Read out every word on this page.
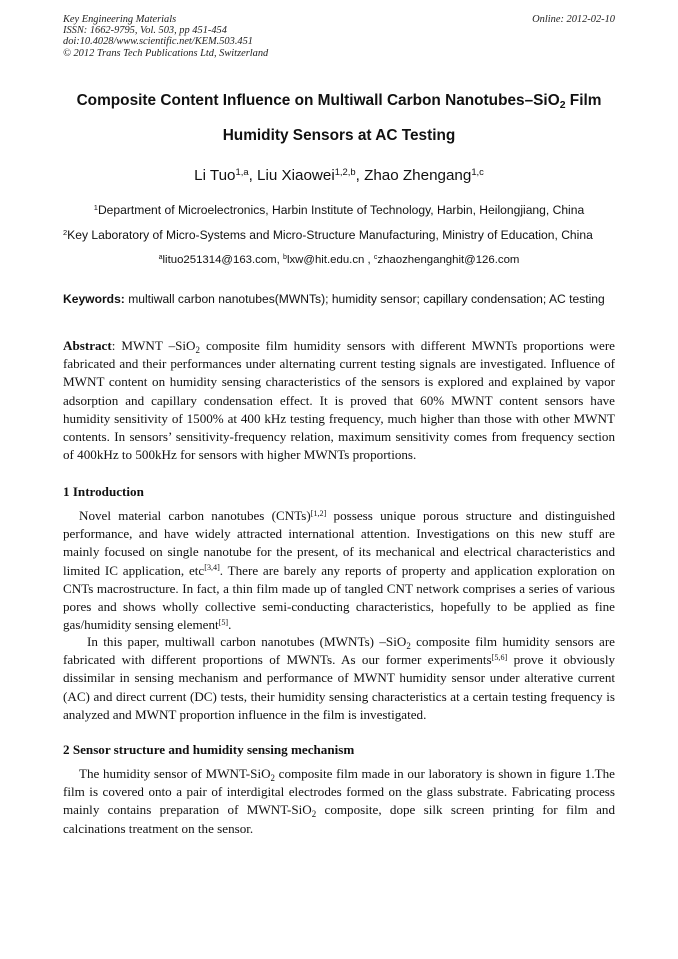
Key Engineering Materials
ISSN: 1662-9795, Vol. 503, pp 451-454
doi:10.4028/www.scientific.net/KEM.503.451
© 2012 Trans Tech Publications Ltd, Switzerland
Online: 2012-02-10
Composite Content Influence on Multiwall Carbon Nanotubes–SiO$_2$ Film
Humidity Sensors at AC Testing
Li Tuo$^{1,a}$, Liu Xiaowei$^{1,2,b}$, Zhao Zhengang$^{1,c}$
$^1$Department of Microelectronics, Harbin Institute of Technology, Harbin, Heilongjiang, China
$^2$Key Laboratory of Micro-Systems and Micro-Structure Manufacturing, Ministry of Education, China
$^a$lituo251314@163.com, $^b$lxw@hit.edu.cn , $^c$zhaozhenganghit@126.com
Keywords: multiwall carbon nanotubes(MWNTs); humidity sensor; capillary condensation; AC testing
Abstract: MWNT –SiO$_2$ composite film humidity sensors with different MWNTs proportions were fabricated and their performances under alternating current testing signals are investigated. Influence of MWNT content on humidity sensing characteristics of the sensors is explored and explained by vapor adsorption and capillary condensation effect. It is proved that 60% MWNT content sensors have humidity sensitivity of 1500% at 400 kHz testing frequency, much higher than those with other MWNT contents. In sensors’ sensitivity-frequency relation, maximum sensitivity comes from frequency section of 400kHz to 500kHz for sensors with higher MWNTs proportions.
1 Introduction
Novel material carbon nanotubes (CNTs)[1,2] possess unique porous structure and distinguished performance, and have widely attracted international attention. Investigations on this new stuff are mainly focused on single nanotube for the present, of its mechanical and electrical characteristics and limited IC application, etc[3,4]. There are barely any reports of property and application exploration on CNTs macrostructure. In fact, a thin film made up of tangled CNT network comprises a series of various pores and shows wholly collective semi-conducting characteristics, hopefully to be applied as fine gas/humidity sensing element[5].
In this paper, multiwall carbon nanotubes (MWNTs) –SiO$_2$ composite film humidity sensors are fabricated with different proportions of MWNTs. As our former experiments[5,6] prove it obviously dissimilar in sensing mechanism and performance of MWNT humidity sensor under alterative current (AC) and direct current (DC) tests, their humidity sensing characteristics at a certain testing frequency is analyzed and MWNT proportion influence in the film is investigated.
2 Sensor structure and humidity sensing mechanism
The humidity sensor of MWNT-SiO$_2$ composite film made in our laboratory is shown in figure 1.The film is covered onto a pair of interdigital electrodes formed on the glass substrate. Fabricating process mainly contains preparation of MWNT-SiO$_2$ composite, dope silk screen printing for film and calcinations treatment on the sensor.
